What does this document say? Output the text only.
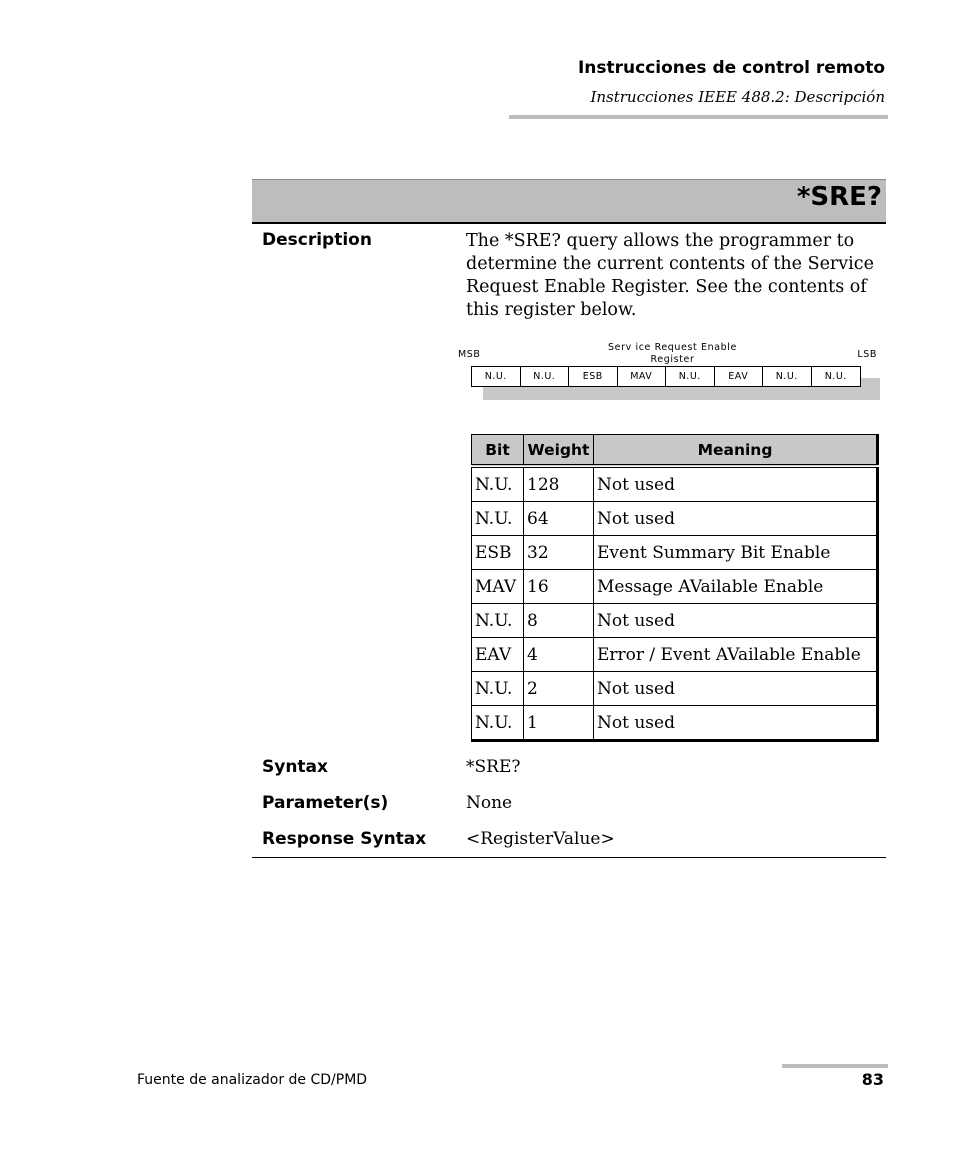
Instrucciones de control remoto
Instrucciones IEEE 488.2: Descripción
*SRE?
Description	The *SRE? query allows the programmer to determine the current contents of the Service Request Enable Register. See the contents of this register below.
MSB
Serv ice Request Enable Register	LSB
N.U.	N.U.	ESB	MAV	N.U.	EAV	N.U.	N.U.
Bit	Weight	Meaning
N.U.	128	Not used
N.U.	64	Not used
ESB	32	Event Summary Bit Enable
MAV	16	Message AVailable Enable
N.U.	8	Not used
EAV	4	Error / Event AVailable Enable
N.U.	2	Not used
N.U.	1	Not used
Syntax	*SRE?
Parameter(s)	None
Response Syntax <RegisterValue>
Fuente de analizador de CD/PMD	83
